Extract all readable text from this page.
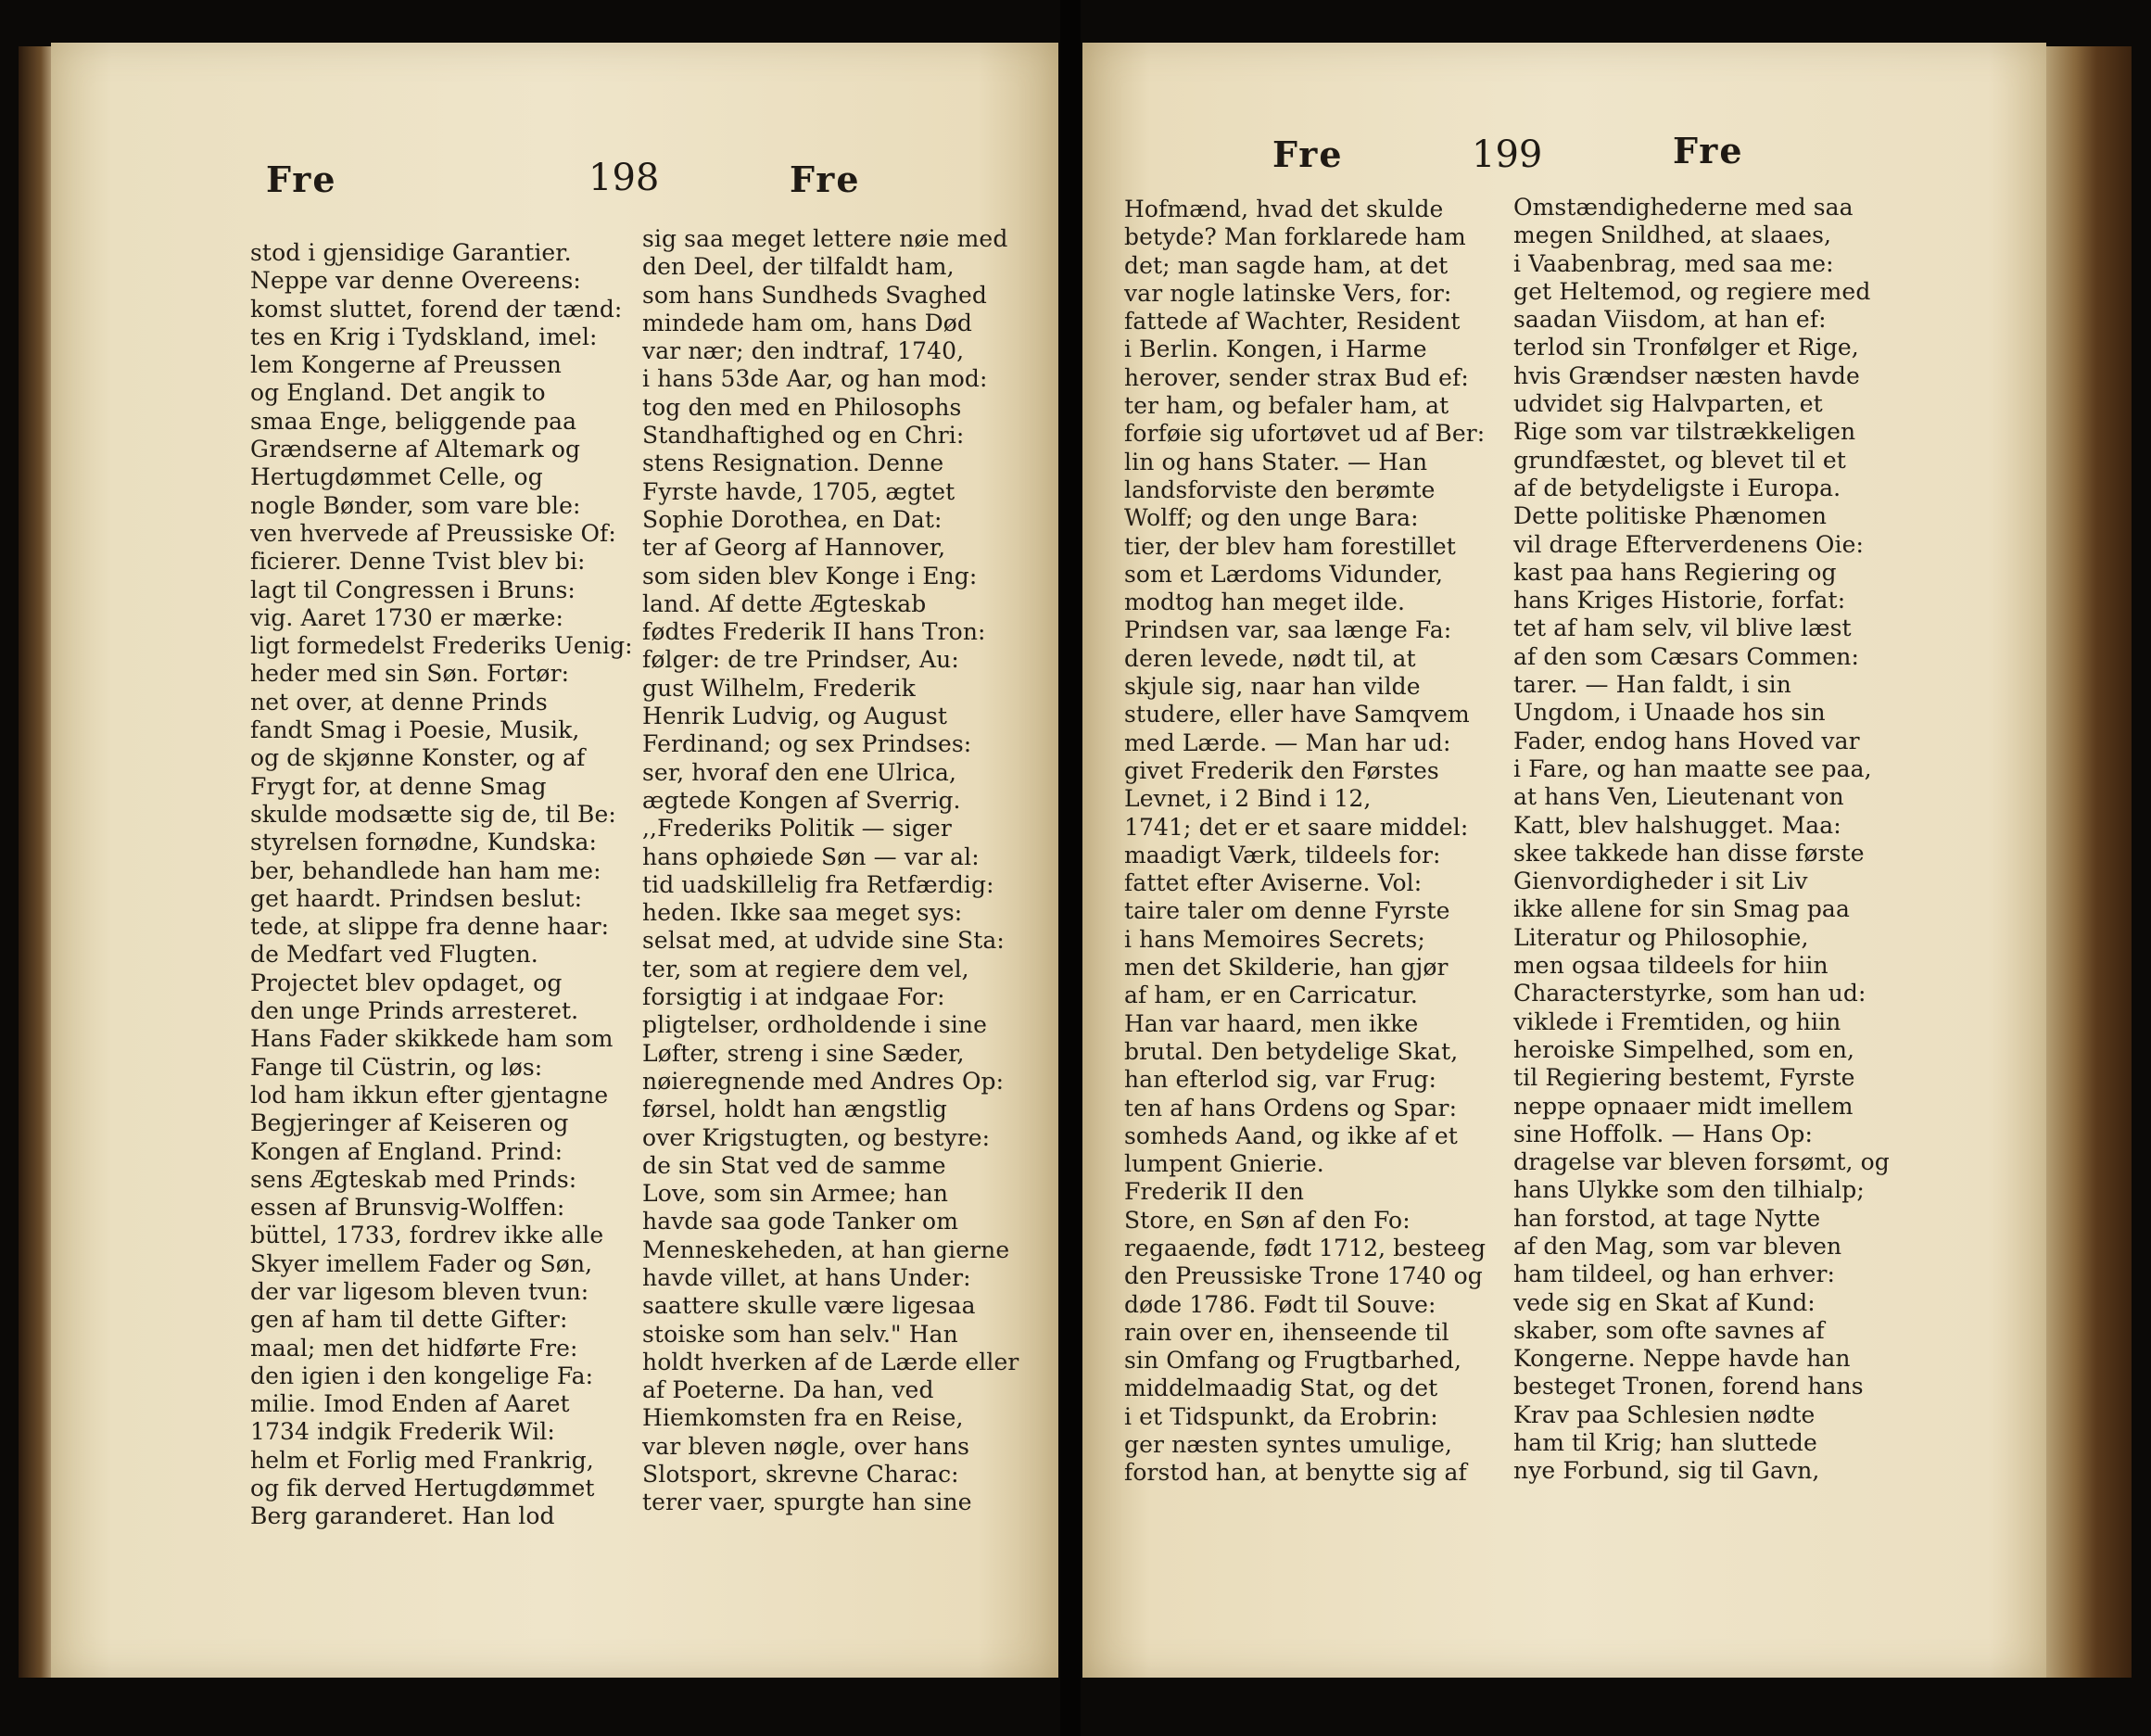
Fre	198	Fre
stod i gjensidige Garantier.
Neppe var denne Overeens:
komst sluttet, forend der tænd:
tes en Krig i Tydskland, imel:
lem Kongerne af Preussen
og England. Det angik to
smaa Enge, beliggende paa
Grændserne af Altemark og
Hertugdømmet Celle, og
nogle Bønder, som vare ble:
ven hvervede af Preussiske Of:
ficierer. Denne Tvist blev bi:
lagt til Congressen i Bruns:
vig. Aaret 1730 er mærke:
ligt formedelst Frederiks Uenig:
heder med sin Søn. Fortør:
net over, at denne Prinds
fandt Smag i Poesie, Musik,
og de skjønne Konster, og af
Frygt for, at denne Smag
skulde modsætte sig de, til Be:
styrelsen fornødne, Kundska:
ber, behandlede han ham me:
get haardt. Prindsen beslut:
tede, at slippe fra denne haar:
de Medfart ved Flugten.
Projectet blev opdaget, og
den unge Prinds arresteret.
Hans Fader skikkede ham som
Fange til Cüstrin, og løs:
lod ham ikkun efter gjentagne
Begjeringer af Keiseren og
Kongen af England. Prind:
sens Ægteskab med Prinds:
essen af Brunsvig-Wolffen:
büttel, 1733, fordrev ikke alle
Skyer imellem Fader og Søn,
der var ligesom bleven tvun:
gen af ham til dette Gifter:
maal; men det hidførte Fre:
den igien i den kongelige Fa:
milie. Imod Enden af Aaret
1734 indgik Frederik Wil:
helm et Forlig med Frankrig,
og fik derved Hertugdømmet
Berg garanderet. Han lod
sig saa meget lettere nøie med
den Deel, der tilfaldt ham,
som hans Sundheds Svaghed
mindede ham om, hans Død
var nær; den indtraf, 1740,
i hans 53de Aar, og han mod:
tog den med en Philosophs
Standhaftighed og en Chri:
stens Resignation. Denne
Fyrste havde, 1705, ægtet
Sophie Dorothea, en Dat:
ter af Georg af Hannover,
som siden blev Konge i Eng:
land. Af dette Ægteskab
fødtes Frederik II hans Tron:
følger: de tre Prindser, Au:
gust Wilhelm, Frederik
Henrik Ludvig, og August
Ferdinand; og sex Prindses:
ser, hvoraf den ene Ulrica,
ægtede Kongen af Sverrig.
,,Frederiks Politik — siger
hans ophøiede Søn — var al:
tid uadskillelig fra Retfærdig:
heden. Ikke saa meget sys:
selsat med, at udvide sine Sta:
ter, som at regiere dem vel,
forsigtig i at indgaae For:
pligtelser, ordholdende i sine
Løfter, streng i sine Sæder,
nøieregnende med Andres Op:
førsel, holdt han ængstlig
over Krigstugten, og bestyre:
de sin Stat ved de samme
Love, som sin Armee; han
havde saa gode Tanker om
Menneskeheden, at han gierne
havde villet, at hans Under:
saattere skulle være ligesaa
stoiske som han selv." Han
holdt hverken af de Lærde eller
af Poeterne. Da han, ved
Hiemkomsten fra en Reise,
var bleven nøgle, over hans
Slotsport, skrevne Charac:
terer vaer, spurgte han sine
Fre	199	Fre
Hofmænd, hvad det skulde
betyde? Man forklarede ham
det; man sagde ham, at det
var nogle latinske Vers, for:
fattede af Wachter, Resident
i Berlin. Kongen, i Harme
herover, sender strax Bud ef:
ter ham, og befaler ham, at
forføie sig ufortøvet ud af Ber:
lin og hans Stater. — Han
landsforviste den berømte
Wolff; og den unge Bara:
tier, der blev ham forestillet
som et Lærdoms Vidunder,
modtog han meget ilde.
Prindsen var, saa længe Fa:
deren levede, nødt til, at
skjule sig, naar han vilde
studere, eller have Samqvem
med Lærde. — Man har ud:
givet Frederik den Førstes
Levnet, i 2 Bind i 12,
1741; det er et saare middel:
maadigt Værk, tildeels for:
fattet efter Aviserne. Vol:
taire taler om denne Fyrste
i hans Memoires Secrets;
men det Skilderie, han gjør
af ham, er en Carricatur.
Han var haard, men ikke
brutal. Den betydelige Skat,
han efterlod sig, var Frug:
ten af hans Ordens og Spar:
somheds Aand, og ikke af et
lumpent Gnierie.
Frederik II den
Store, en Søn af den Fo:
regaaende, født 1712, besteeg
den Preussiske Trone 1740 og
døde 1786. Født til Souve:
rain over en, ihenseende til
sin Omfang og Frugtbarhed,
middelmaadig Stat, og det
i et Tidspunkt, da Erobrin:
ger næsten syntes umulige,
forstod han, at benytte sig af
Omstændighederne med saa
megen Snildhed, at slaaes,
i Vaabenbrag, med saa me:
get Heltemod, og regiere med
saadan Viisdom, at han ef:
terlod sin Tronfølger et Rige,
hvis Grændser næsten havde
udvidet sig Halvparten, et
Rige som var tilstrækkeligen
grundfæstet, og blevet til et
af de betydeligste i Europa.
Dette politiske Phænomen
vil drage Efterverdenens Oie:
kast paa hans Regiering og
hans Kriges Historie, forfat:
tet af ham selv, vil blive læst
af den som Cæsars Commen:
tarer. — Han faldt, i sin
Ungdom, i Unaade hos sin
Fader, endog hans Hoved var
i Fare, og han maatte see paa,
at hans Ven, Lieutenant von
Katt, blev halshugget. Maa:
skee takkede han disse første
Gienvordigheder i sit Liv
ikke allene for sin Smag paa
Literatur og Philosophie,
men ogsaa tildeels for hiin
Characterstyrke, som han ud:
viklede i Fremtiden, og hiin
heroiske Simpelhed, som en,
til Regiering bestemt, Fyrste
neppe opnaaer midt imellem
sine Hoffolk. — Hans Op:
dragelse var bleven forsømt, og
hans Ulykke som den tilhialp;
han forstod, at tage Nytte
af den Mag, som var bleven
ham tildeel, og han erhver:
vede sig en Skat af Kund:
skaber, som ofte savnes af
Kongerne. Neppe havde han
besteget Tronen, forend hans
Krav paa Schlesien nødte
ham til Krig; han sluttede
nye Forbund, sig til Gavn,
